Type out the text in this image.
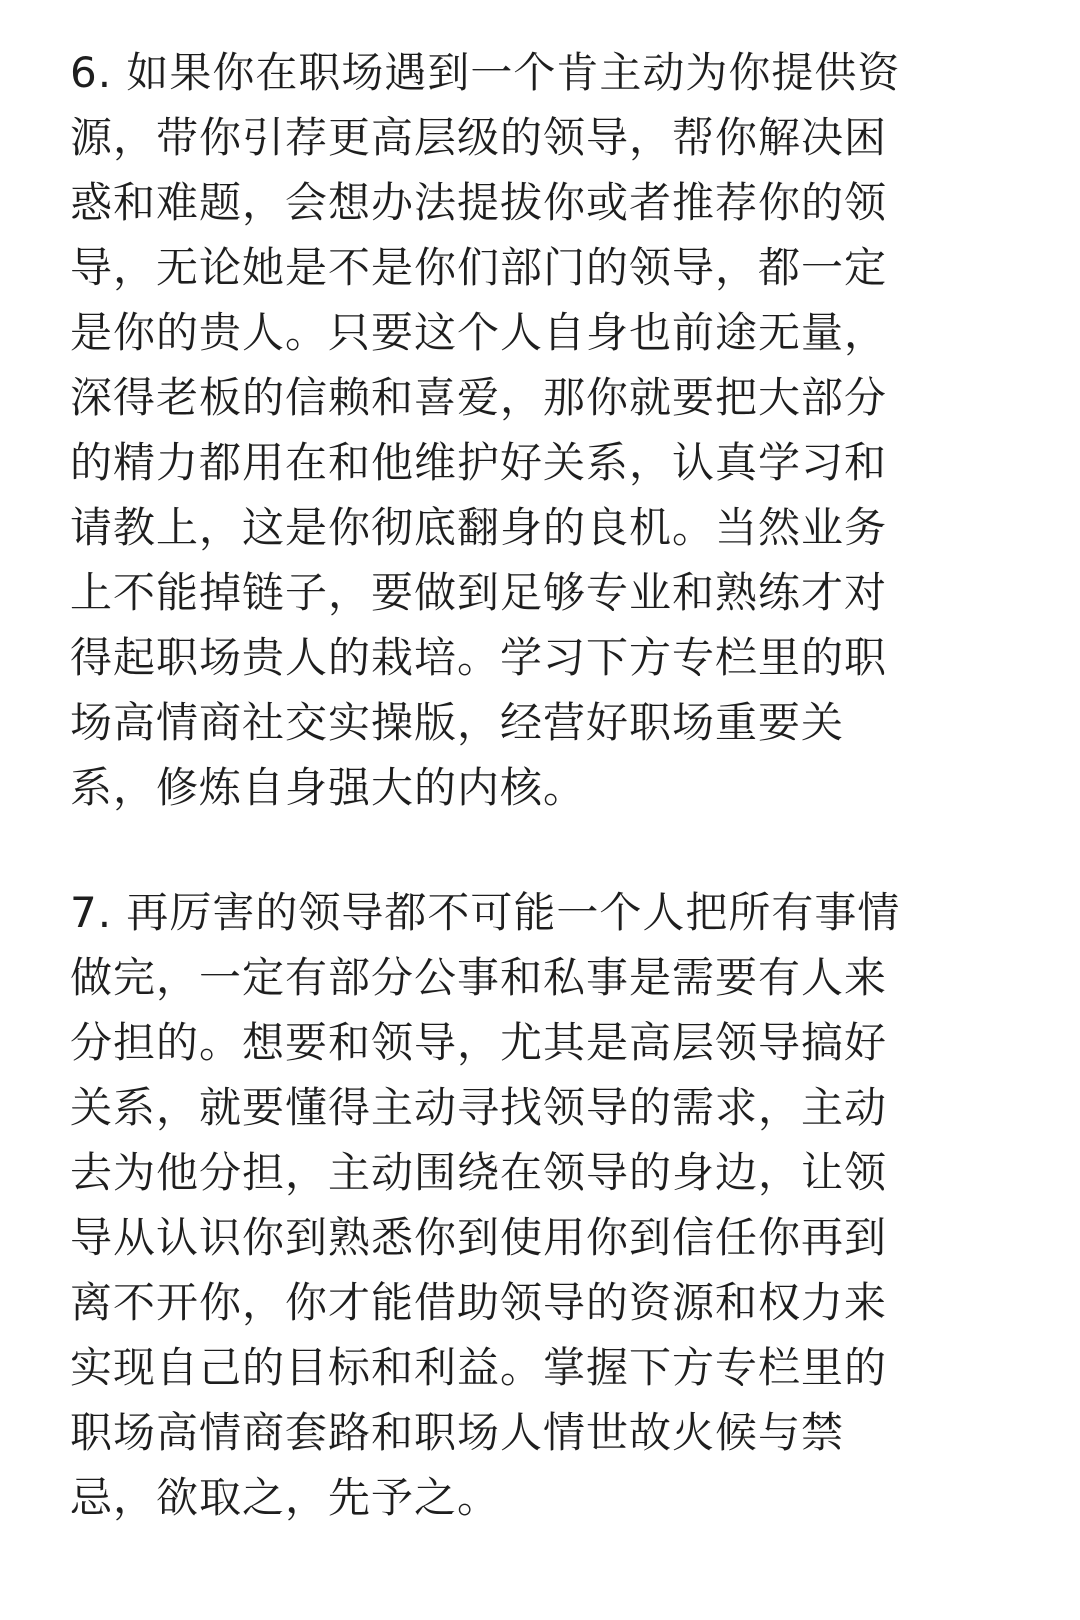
6. 如果你在职场遇到一个肯主动为你提供资
源，带你引荐更高层级的领导，帮你解决困
惑和难题，会想办法提拔你或者推荐你的领
导，无论她是不是你们部门的领导，都一定
是你的贵人。只要这个人自身也前途无量，
深得老板的信赖和喜爱，那你就要把大部分
的精力都用在和他维护好关系，认真学习和
请教上，这是你彻底翻身的良机。当然业务
上不能掉链子，要做到足够专业和熟练才对
得起职场贵人的栽培。学习下方专栏里的职
场高情商社交实操版，经营好职场重要关
系，修炼自身强大的内核。
7. 再厉害的领导都不可能一个人把所有事情
做完，一定有部分公事和私事是需要有人来
分担的。想要和领导，尤其是高层领导搞好
关系，就要懂得主动寻找领导的需求，主动
去为他分担，主动围绕在领导的身边，让领
导从认识你到熟悉你到使用你到信任你再到
离不开你，你才能借助领导的资源和权力来
实现自己的目标和利益。掌握下方专栏里的
职场高情商套路和职场人情世故火候与禁
忌，欲取之，先予之。
